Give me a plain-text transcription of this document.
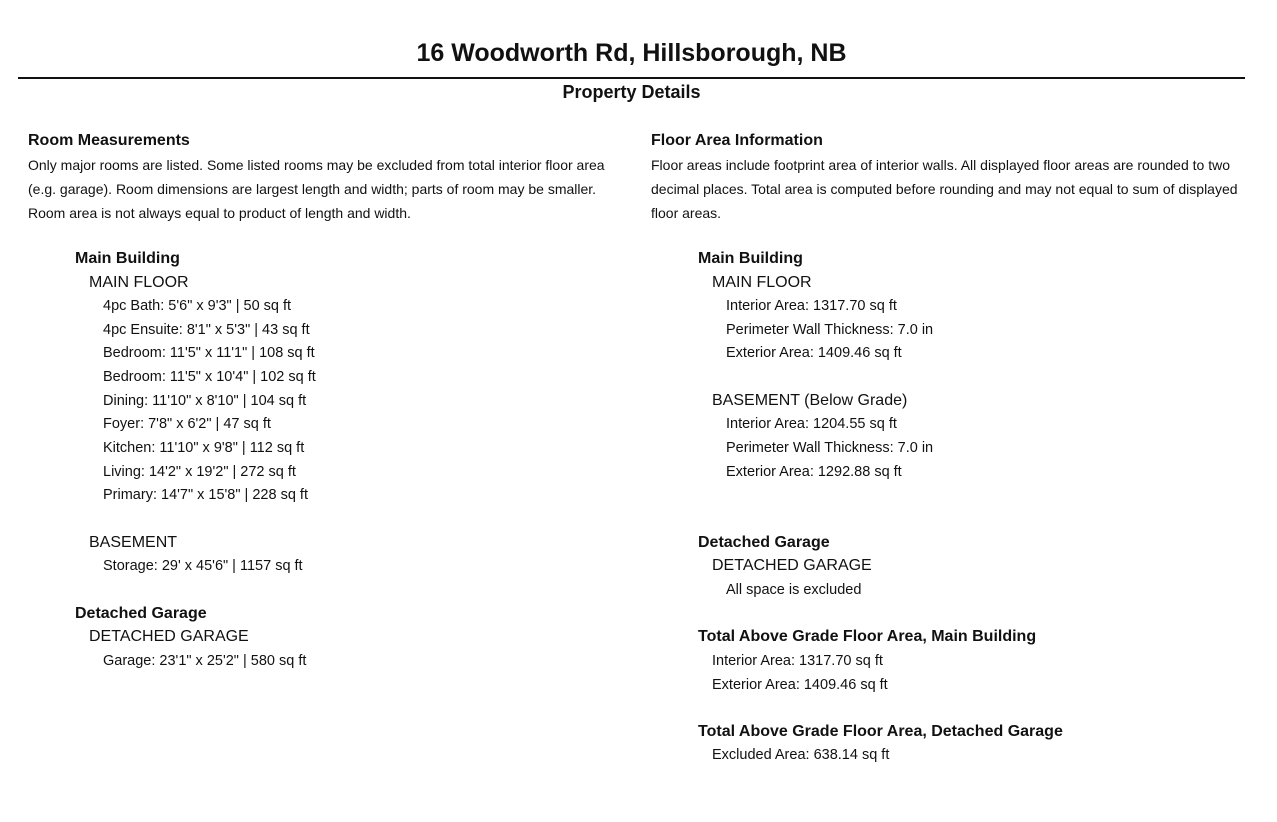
16 Woodworth Rd, Hillsborough, NB
Property Details
Room Measurements
Only major rooms are listed. Some listed rooms may be excluded from total interior floor area (e.g. garage). Room dimensions are largest length and width; parts of room may be smaller. Room area is not always equal to product of length and width.
Main Building
MAIN FLOOR
4pc Bath: 5'6" x 9'3" | 50 sq ft
4pc Ensuite: 8'1" x 5'3" | 43 sq ft
Bedroom: 11'5" x 11'1" | 108 sq ft
Bedroom: 11'5" x 10'4" | 102 sq ft
Dining: 11'10" x 8'10" | 104 sq ft
Foyer: 7'8" x 6'2" | 47 sq ft
Kitchen: 11'10" x 9'8" | 112 sq ft
Living: 14'2" x 19'2" | 272 sq ft
Primary: 14'7" x 15'8" | 228 sq ft
BASEMENT
Storage: 29' x 45'6" | 1157 sq ft
Detached Garage
DETACHED GARAGE
Garage: 23'1" x 25'2" | 580 sq ft
Floor Area Information
Floor areas include footprint area of interior walls. All displayed floor areas are rounded to two decimal places. Total area is computed before rounding and may not equal to sum of displayed floor areas.
Main Building
MAIN FLOOR
Interior Area: 1317.70 sq ft
Perimeter Wall Thickness: 7.0 in
Exterior Area: 1409.46 sq ft
BASEMENT (Below Grade)
Interior Area: 1204.55 sq ft
Perimeter Wall Thickness: 7.0 in
Exterior Area: 1292.88 sq ft
Detached Garage
DETACHED GARAGE
All space is excluded
Total Above Grade Floor Area, Main Building
Interior Area: 1317.70 sq ft
Exterior Area: 1409.46 sq ft
Total Above Grade Floor Area, Detached Garage
Excluded Area: 638.14 sq ft
